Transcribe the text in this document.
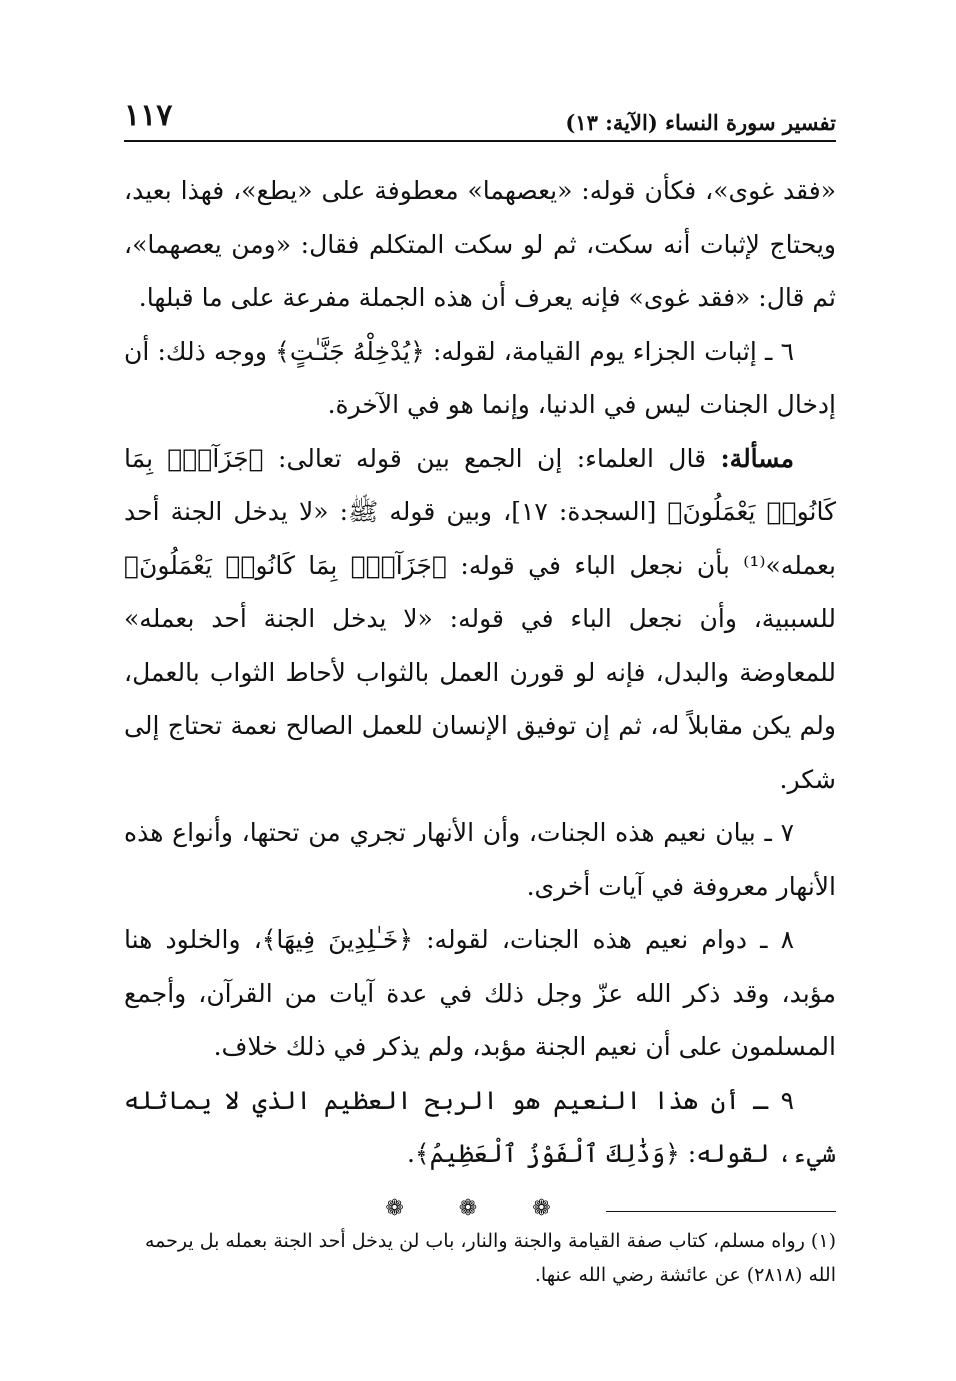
تفسير سورة النساء (الآية: ١٣)
١١٧

«فقد غوى»، فكأن قوله: «يعصهما» معطوفة على «يطع»، فهذا بعيد، ويحتاج لإثبات أنه سكت، ثم لو سكت المتكلم فقال: «ومن يعصهما»، ثم قال: «فقد غوى» فإنه يعرف أن هذه الجملة مفرعة على ما قبلها.

٦ ـ إثبات الجزاء يوم القيامة، لقوله: ﴿يُدْخِلْهُ جَنَّـٰتٍ﴾ ووجه ذلك: أن إدخال الجنات ليس في الدنيا، وإنما هو في الآخرة.

مسألة: قال العلماء: إن الجمع بين قوله تعالى: ﴿جَزَآءًۢ بِمَا كَانُوا۟ يَعْمَلُونَ﴾ [السجدة: ١٧]، وبين قوله ﷺ: «لا يدخل الجنة أحد بعمله»⁽¹⁾ بأن نجعل الباء في قوله: ﴿جَزَآءًۢ بِمَا كَانُوا۟ يَعْمَلُونَ﴾ للسببية، وأن نجعل الباء في قوله: «لا يدخل الجنة أحد بعمله» للمعاوضة والبدل، فإنه لو قورن العمل بالثواب لأحاط الثواب بالعمل، ولم يكن مقابلاً له، ثم إن توفيق الإنسان للعمل الصالح نعمة تحتاج إلى شكر.

٧ ـ بيان نعيم هذه الجنات، وأن الأنهار تجري من تحتها، وأنواع هذه الأنهار معروفة في آيات أخرى.

٨ ـ دوام نعيم هذه الجنات، لقوله: ﴿خَـٰلِدِينَ فِيهَا﴾، والخلود هنا مؤبد، وقد ذكر الله عزّ وجل ذلك في عدة آيات من القرآن، وأجمع المسلمون على أن نعيم الجنة مؤبد، ولم يذكر في ذلك خلاف.

٩ ـ أن هذا النعيم هو الربح العظيم الذي لا يماثله شيء، لقوله: ﴿وَذَٰلِكَ ٱلْفَوْزُ ٱلْعَظِيمُ﴾.

❁ ❁ ❁

(١) رواه مسلم، كتاب صفة القيامة والجنة والنار، باب لن يدخل أحد الجنة بعمله بل يرحمه الله (٢٨١٨) عن عائشة رضي الله عنها.
